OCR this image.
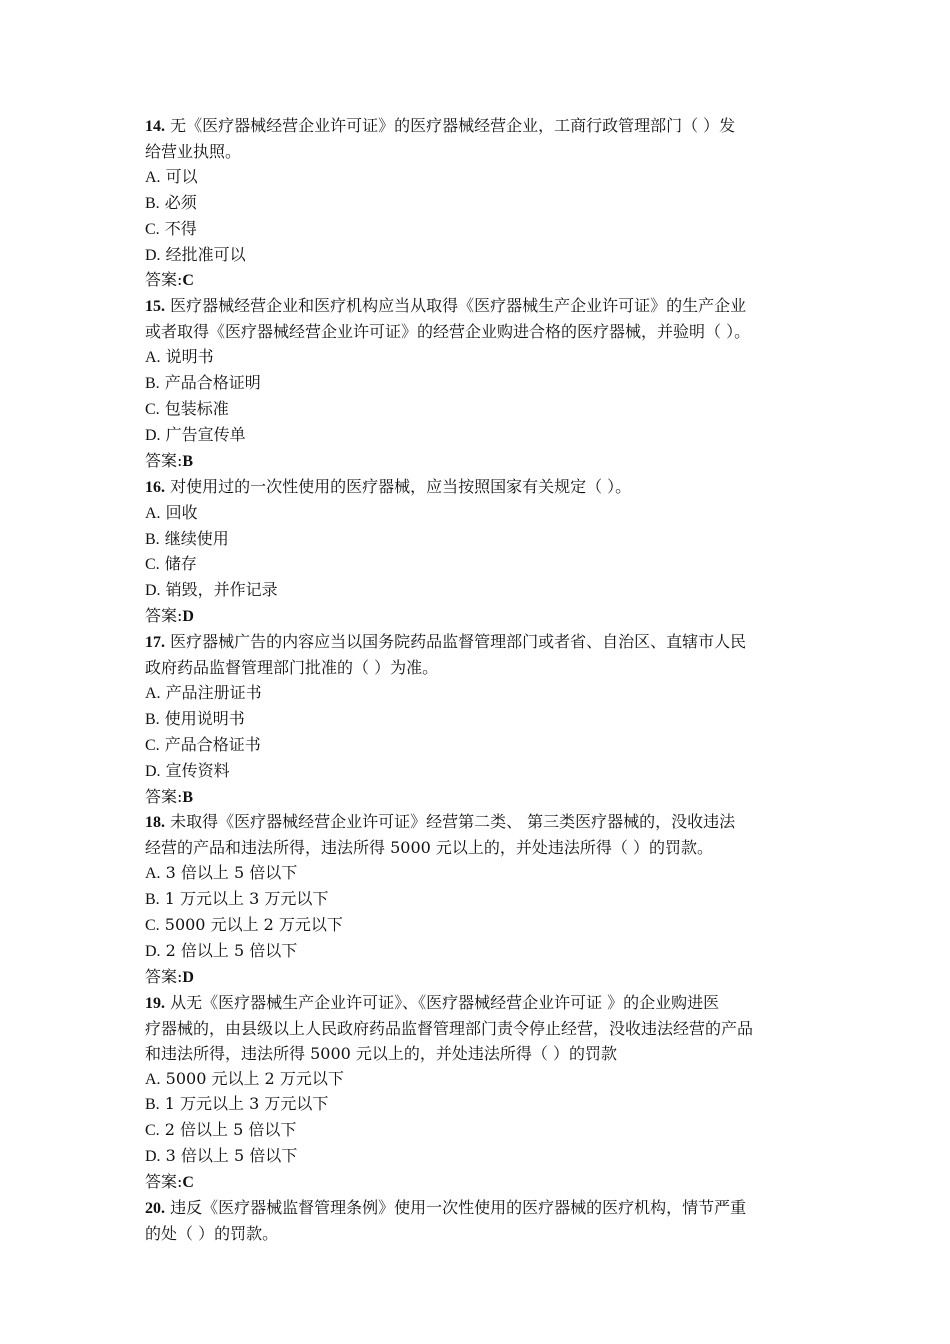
14. 无《医疗器械经营企业许可证》的医疗器械经营企业，工商行政管理部门（ ）发
给营业执照。
A. 可以
B. 必须
C. 不得
D. 经批准可以
答案:C
15. 医疗器械经营企业和医疗机构应当从取得《医疗器械生产企业许可证》的生产企业
或者取得《医疗器械经营企业许可证》的经营企业购进合格的医疗器械，并验明（ ）。
A. 说明书
B. 产品合格证明
C. 包装标准
D. 广告宣传单
答案:B
16. 对使用过的一次性使用的医疗器械，应当按照国家有关规定（ ）。
A. 回收
B. 继续使用
C. 储存
D. 销毁，并作记录
答案:D
17. 医疗器械广告的内容应当以国务院药品监督管理部门或者省、自治区、直辖市人民
政府药品监督管理部门批准的（ ）为准。
A. 产品注册证书
B. 使用说明书
C. 产品合格证书
D. 宣传资料
答案:B
18. 未取得《医疗器械经营企业许可证》经营第二类、 第三类医疗器械的，没收违法
经营的产品和违法所得，违法所得 5000 元以上的，并处违法所得（ ）的罚款。
A. 3 倍以上 5 倍以下
B. 1 万元以上 3 万元以下
C. 5000 元以上 2 万元以下
D. 2 倍以上 5 倍以下
答案:D
19. 从无《医疗器械生产企业许可证》、《医疗器械经营企业许可证 》的企业购进医
疗器械的，由县级以上人民政府药品监督管理部门责令停止经营，没收违法经营的产品
和违法所得，违法所得 5000 元以上的，并处违法所得（ ）的罚款
A. 5000 元以上 2 万元以下
B. 1 万元以上 3 万元以下
C. 2 倍以上 5 倍以下
D. 3 倍以上 5 倍以下
答案:C
20. 违反《医疗器械监督管理条例》使用一次性使用的医疗器械的医疗机构，情节严重
的处（ ）的罚款。
